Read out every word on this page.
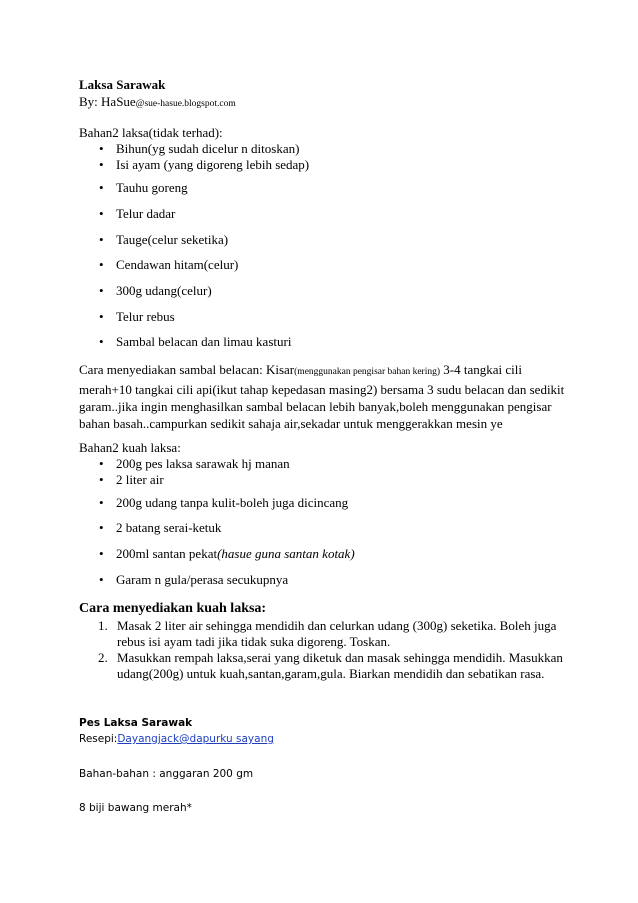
Laksa Sarawak
By: HaSue@sue-hasue.blogspot.com
Bahan2 laksa(tidak terhad):
• Bihun(yg sudah dicelur n ditoskan)
• Isi ayam (yang digoreng lebih sedap)
• Tauhu goreng
• Telur dadar
• Tauge(celur seketika)
• Cendawan hitam(celur)
• 300g udang(celur)
• Telur rebus
• Sambal belacan dan limau kasturi
Cara menyediakan sambal belacan: Kisar(menggunakan pengisar bahan kering) 3-4 tangkai cili merah+10 tangkai cili api(ikut tahap kepedasan masing2) bersama 3 sudu belacan dan sedikit garam..jika ingin menghasilkan sambal belacan lebih banyak,boleh menggunakan pengisar bahan basah..campurkan sedikit sahaja air,sekadar untuk menggerakkan mesin ye
Bahan2 kuah laksa:
• 200g pes laksa sarawak hj manan
• 2 liter air
• 200g udang tanpa kulit-boleh juga dicincang
• 2 batang serai-ketuk
• 200ml santan pekat(hasue guna santan kotak)
• Garam n gula/perasa secukupnya
Cara menyediakan kuah laksa:
1. Masak 2 liter air sehingga mendidih dan celurkan udang (300g) seketika. Boleh juga rebus isi ayam tadi jika tidak suka digoreng. Toskan.
2. Masukkan rempah laksa,serai yang diketuk dan masak sehingga mendidih. Masukkan udang(200g) untuk kuah,santan,garam,gula. Biarkan mendidih dan sebatikan rasa.
Pes Laksa Sarawak
Resepi:Dayangjack@dapurku sayang
Bahan-bahan : anggaran 200 gm
8 biji bawang merah*
